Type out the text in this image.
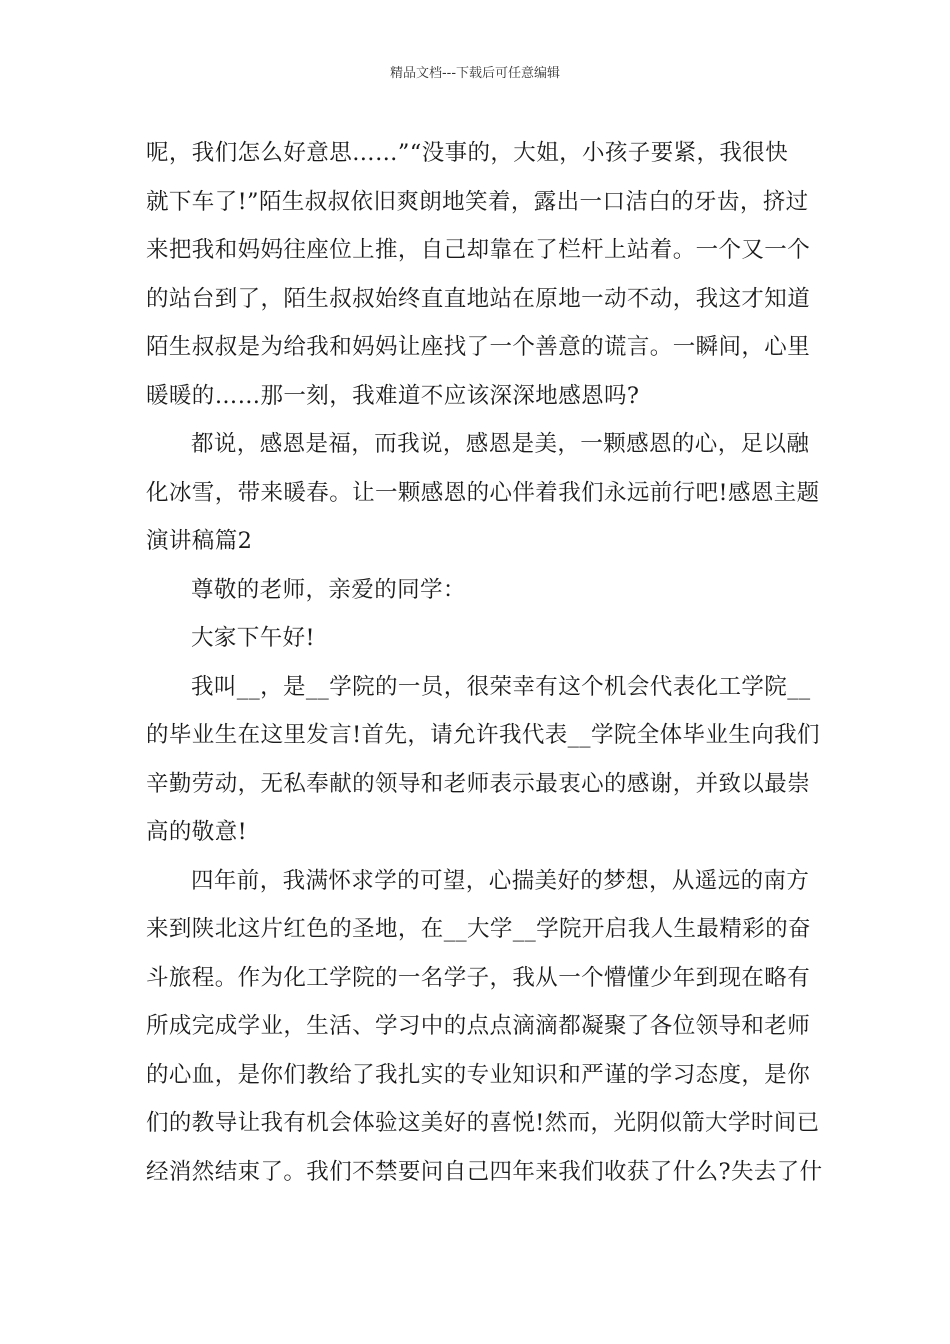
精品文档---下载后可任意编辑
呢，我们怎么好意思……”“没事的，大姐，小孩子要紧，我很快
就下车了!”陌生叔叔依旧爽朗地笑着，露出一口洁白的牙齿，挤过
来把我和妈妈往座位上推，自己却靠在了栏杆上站着。一个又一个
的站台到了，陌生叔叔始终直直地站在原地一动不动，我这才知道
陌生叔叔是为给我和妈妈让座找了一个善意的谎言。一瞬间，心里
暖暖的……那一刻，我难道不应该深深地感恩吗?
都说，感恩是福，而我说，感恩是美，一颗感恩的心，足以融
化冰雪，带来暖春。让一颗感恩的心伴着我们永远前行吧!感恩主题
演讲稿篇2
尊敬的老师，亲爱的同学：
大家下午好!
我叫__，是__学院的一员，很荣幸有这个机会代表化工学院__
的毕业生在这里发言!首先，请允许我代表__学院全体毕业生向我们
辛勤劳动，无私奉献的领导和老师表示最衷心的感谢，并致以最崇
高的敬意!
四年前，我满怀求学的可望，心揣美好的梦想，从遥远的南方
来到陕北这片红色的圣地，在__大学__学院开启我人生最精彩的奋
斗旅程。作为化工学院的一名学子，我从一个懵懂少年到现在略有
所成完成学业，生活、学习中的点点滴滴都凝聚了各位领导和老师
的心血，是你们教给了我扎实的专业知识和严谨的学习态度，是你
们的教导让我有机会体验这美好的喜悦!然而，光阴似箭大学时间已
经消然结束了。我们不禁要问自己四年来我们收获了什么?失去了什
